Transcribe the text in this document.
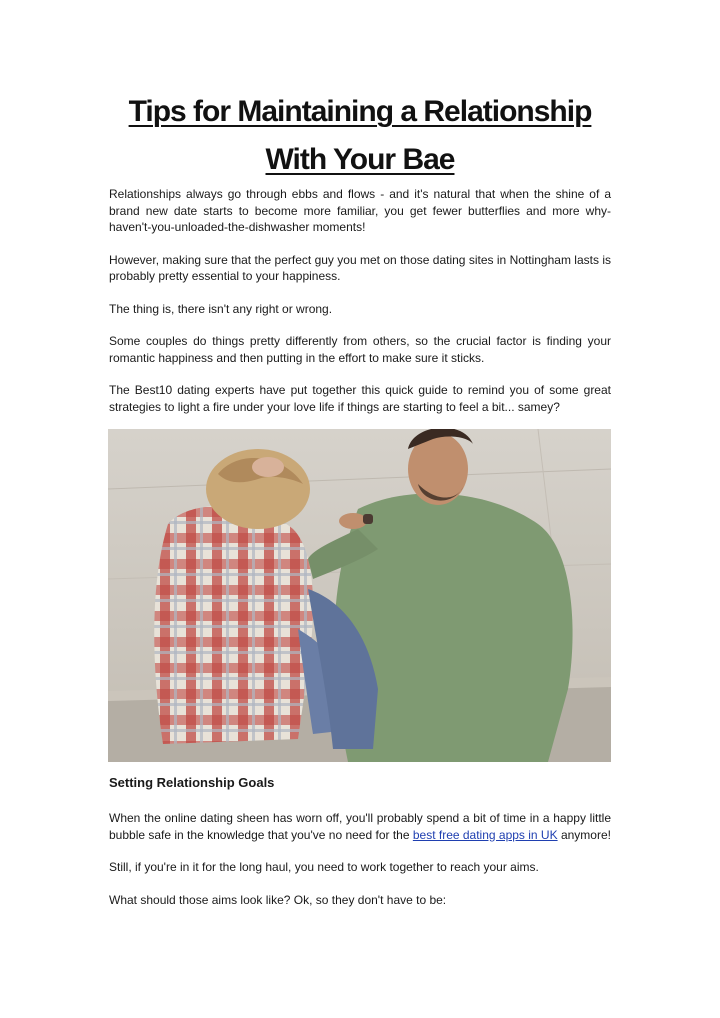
Tips for Maintaining a Relationship
With Your Bae

Relationships always go through ebbs and flows - and it's natural that when the shine of a brand new date starts to become more familiar, you get fewer butterflies and more why-haven't-you-unloaded-the-dishwasher moments!

However, making sure that the perfect guy you met on those dating sites in Nottingham lasts is probably pretty essential to your happiness.

The thing is, there isn't any right or wrong.

Some couples do things pretty differently from others, so the crucial factor is finding your romantic happiness and then putting in the effort to make sure it sticks.

The Best10 dating experts have put together this quick guide to remind you of some great strategies to light a fire under your love life if things are starting to feel a bit... samey?

Setting Relationship Goals

When the online dating sheen has worn off, you'll probably spend a bit of time in a happy little bubble safe in the knowledge that you've no need for the best free dating apps in UK anymore!

Still, if you're in it for the long haul, you need to work together to reach your aims.

What should those aims look like? Ok, so they don't have to be:
